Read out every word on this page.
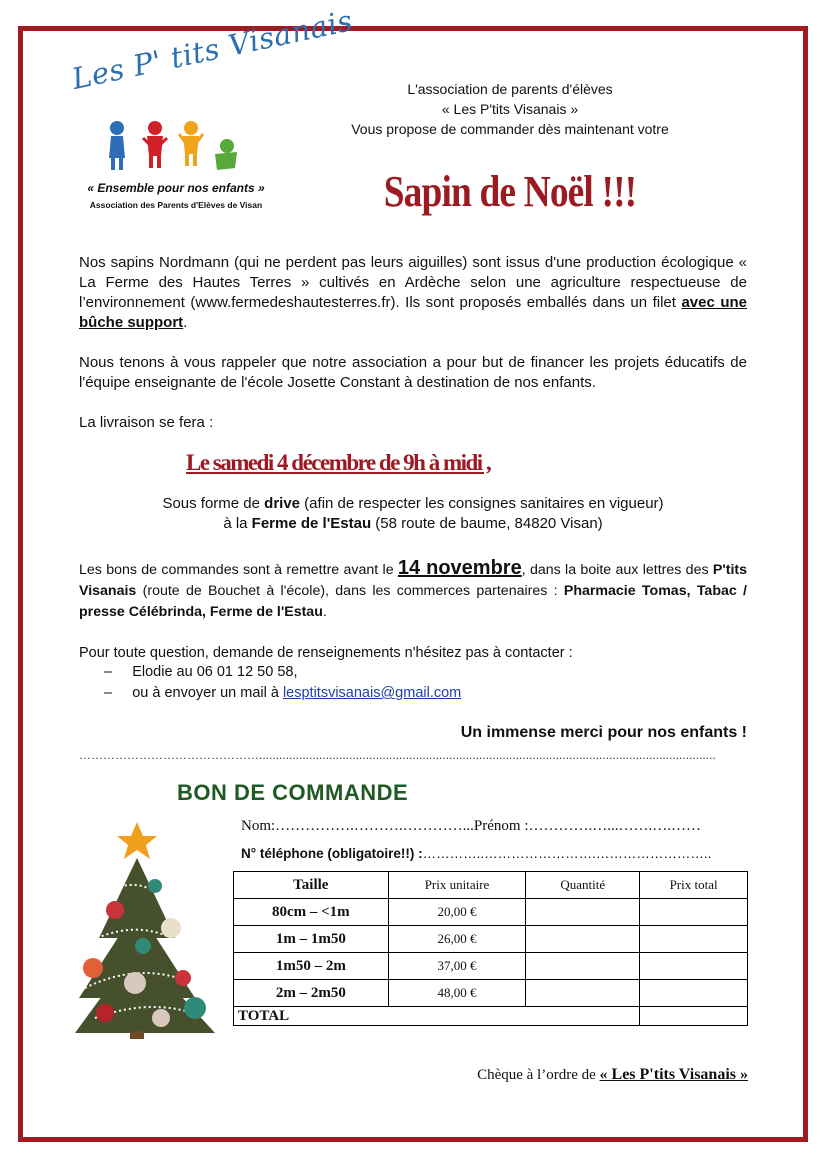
Les P' tits Visanais
« Ensemble pour nos enfants »
Association des Parents d'Elèves de Visan
L'association de parents d'élèves
« Les P'tits Visanais »
Vous propose de commander dès maintenant votre
Sapin de Noël !!!
Nos sapins Nordmann (qui ne perdent pas leurs aiguilles) sont issus d'une production écologique « La Ferme des Hautes Terres » cultivés en Ardèche selon une agriculture respectueuse de l’environnement (www.fermedeshautesterres.fr). Ils sont proposés emballés dans un filet avec une bûche support.
Nous tenons à vous rappeler que notre association a pour but de financer les projets éducatifs de l'équipe enseignante de l'école Josette Constant à destination de nos enfants.
La livraison se fera :
Le samedi 4 décembre de 9h à midi ,
Sous forme de drive (afin de respecter les consignes sanitaires en vigueur)
à la Ferme de l'Estau (58 route de baume, 84820 Visan)
Les bons de commandes sont à remettre avant le 14 novembre, dans la boite aux lettres des P'tits Visanais (route de Bouchet à l'école), dans les commerces partenaires : Pharmacie Tomas, Tabac / presse Célébrinda, Ferme de l'Estau.
Pour toute question, demande de renseignements n'hésitez pas à contacter :
–     Elodie au 06 01 12 50 58,
–     ou à envoyer un mail à lesptitsvisanais@gmail.com
Un immense merci pour nos enfants !
……………………………………….........................................................................................................................................
BON DE COMMANDE
Nom:…………….……….…………...Prénom :………….…...…….….……
N° téléphone (obligatoire!!) :…………..…………………….……………………..
Taille	Prix unitaire	Quantité	Prix total
80cm – <1m	20,00 €		
1m – 1m50	26,00 €		
1m50 – 2m	37,00 €		
2m – 2m50	48,00 €		
TOTAL			
Chèque à l’ordre de « Les P'tits Visanais »
